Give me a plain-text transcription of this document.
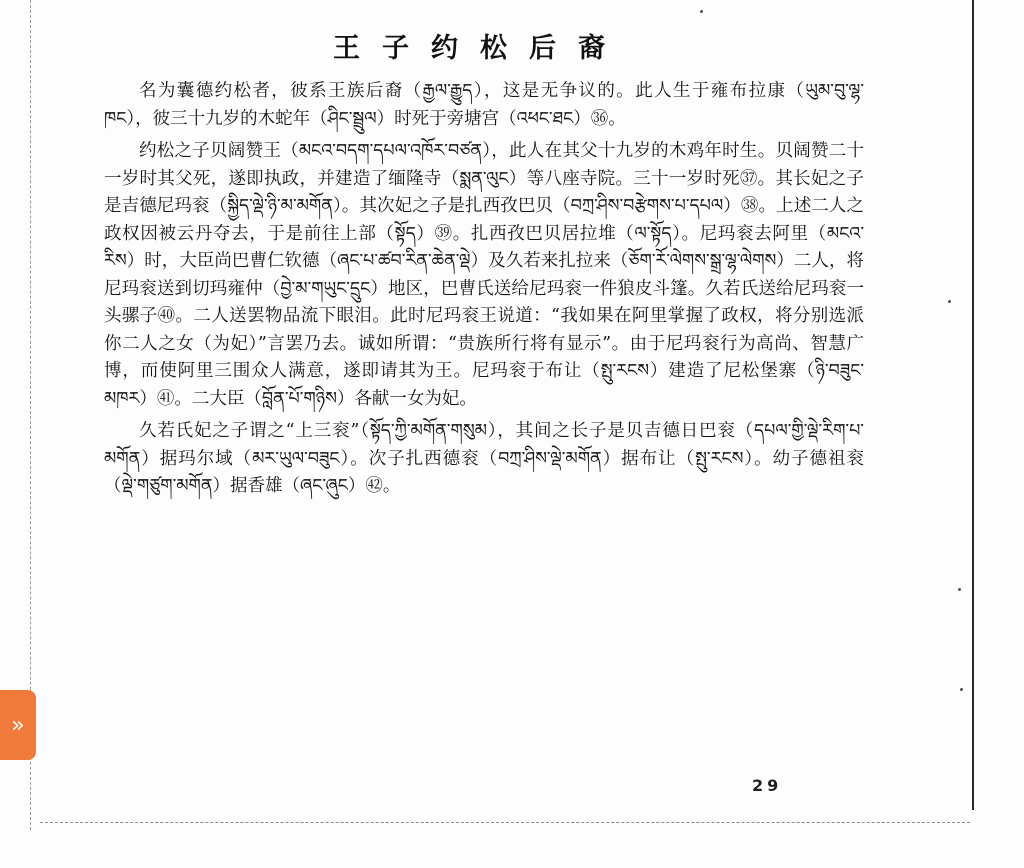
王子约松后裔

名为囊德约松者，彼系王族后裔（རྒྱལ་རྒྱུད），这是无争议的。此人生于雍布拉康（ཡུམ་བུ་ལྷ་ཁང），彼三十九岁的木蛇年（ཤིང་སྦྲུལ）时死于旁塘宫（འཕང་ཐང）㊱。

约松之子贝阔赞王（མངའ་བདག་དཔལ་འཁོར་བཙན），此人在其父十九岁的木鸡年时生。贝阔赞二十一岁时其父死，遂即执政，并建造了缅隆寺（སྨན་ལུང）等八座寺院。三十一岁时死㊲。其长妃之子是吉德尼玛衮（སྐྱིད་ལྡེ་ཉི་མ་མགོན）。其次妃之子是扎西孜巴贝（བཀྲ་ཤིས་བརྩེགས་པ་དཔལ）㊳。上述二人之政权因被云丹夺去，于是前往上部（སྟོད）㊴。扎西孜巴贝居拉堆（ལ་སྟོད）。尼玛衮去阿里（མངའ་རིས）时，大臣尚巴曹仁钦德（ཞང་པ་ཚབ་རིན་ཆེན་ལྡེ）及久若来扎拉来（ཅོག་རོ་ལེགས་སྒྲ་ལྷ་ལེགས）二人，将尼玛衮送到切玛雍仲（བྱེ་མ་གཡུང་དྲུང）地区，巴曹氏送给尼玛衮一件狼皮斗篷。久若氏送给尼玛衮一头骡子㊵。二人送罢物品流下眼泪。此时尼玛衮王说道：“我如果在阿里掌握了政权，将分别选派你二人之女（为妃）”言罢乃去。诚如所谓：“贵族所行将有显示”。由于尼玛衮行为高尚、智慧广博，而使阿里三围众人满意，遂即请其为王。尼玛衮于布让（སྤུ་རངས）建造了尼松堡寨（ཉི་བཟུང་མཁར）㊶。二大臣（བློན་པོ་གཉིས）各献一女为妃。

久若氏妃之子谓之“上三衮”（སྟོད་ཀྱི་མགོན་གསུམ），其间之长子是贝吉德日巴衮（དཔལ་གྱི་ལྡེ་རིག་པ་མགོན）据玛尔域（མར་ཡུལ་བཟུང）。次子扎西德衮（བཀྲ་ཤིས་ལྡེ་མགོན）据布让（སྤུ་རངས）。幼子德祖衮（ལྡེ་གཙུག་མགོན）据香雄（ཞང་ཞུང）㊷。

29
»
